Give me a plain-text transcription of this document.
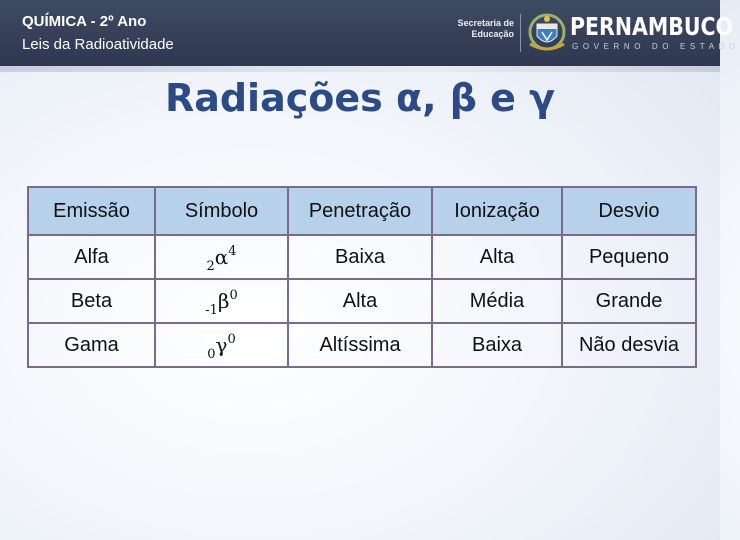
QUÍMICA - 2º Ano
Leis da Radioatividade
Secretaria de
Educação PERNAMBUCO
GOVERNO DO ESTADO
Radiações α, β e γ
Emissão	Símbolo	Penetração	Ionização	Desvio
Alfa	$_2\alpha^4$	Baixa	Alta	Pequeno
Beta	$_{-1}\beta^0$	Alta	Média	Grande
Gama	$_0\gamma^0$	Altíssima	Baixa	Não desvia
